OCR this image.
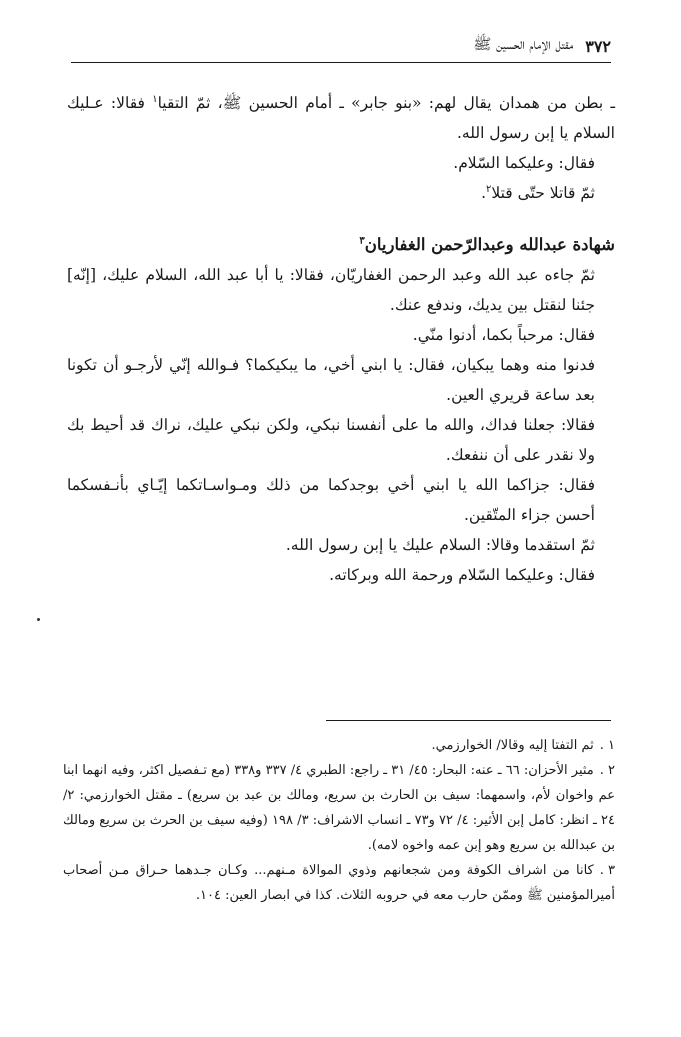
٣٧٢
مقتل الإمام الحسين ﷺ

ـ بطن من همدان يقال لهم: «بنو جابر» ـ أمام الحسين ﷺ، ثمّ التقيا$^١$ فقالا: عـليك السلام يا إبن رسول الله.

فقال: وعليكما السّلام.

ثمّ قاتلا حتّى قتلا$^٢$.

شهادة عبدالله وعبدالرّحمن الغفاريان$^٣$

ثمّ جاءه عبد الله وعبد الرحمن الغفاريّان، فقالا: يا أبا عبد الله، السلام عليك، [إنّه] جئنا لنقتل بين يديك، وندفع عنك.

فقال: مرحباً بكما، أدنوا منّي.

فدنوا منه وهما يبكيان، فقال: يا ابني أخي، ما يبكيكما؟ فـوالله إنّي لأرجـو أن تكونا بعد ساعة قريري العين.

فقالا: جعلنا فداك، والله ما على أنفسنا نبكي، ولكن نبكي عليك، نراك قد أحيط بك ولا نقدر على أن ننفعك.

فقال: جزاكما الله يا ابني أخي بوجدكما من ذلك ومـواسـاتكما إيّـاي بأنـفسكما أحسن جزاء المتّقين.

ثمّ استقدما وقالا: السلام عليك يا إبن رسول الله.

فقال: وعليكما السّلام ورحمة الله وبركاته.

١ .ثم التفتا إليه وقالا/ الخوارزمي.

٢ .مثير الأحزان: ٦٦ ـ عنه: البحار: ٤٥/ ٣١ ـ راجع: الطبري ٤/ ٣٣٧ و٣٣٨ (مع تـفصيل اكثر، وفيه انهما ابنا عم واخوان لأم، واسمهما: سيف بن الحارث بن سريع، ومالك بن عبد بن سريع) ـ مقتل الخوارزمي: ٢/ ٢٤ ـ انظر: كامل إبن الأثير: ٤/ ٧٢ و٧٣ ـ انساب الاشراف: ٣/ ١٩٨ (وفيه سيف بن الحرث بن سريع ومالك بن عبدالله بن سريع وهو إبن عمه واخوه لامه).

٣ .كانا من اشراف الكوفة ومن شجعانهم وذوي الموالاة مـنهم... وكـان جـدهما حـراق مـن أصحاب أميرالمؤمنين ﷺ وممّن حارب معه في حروبه الثلاث. كذا في ابصار العين: ١٠٤.
